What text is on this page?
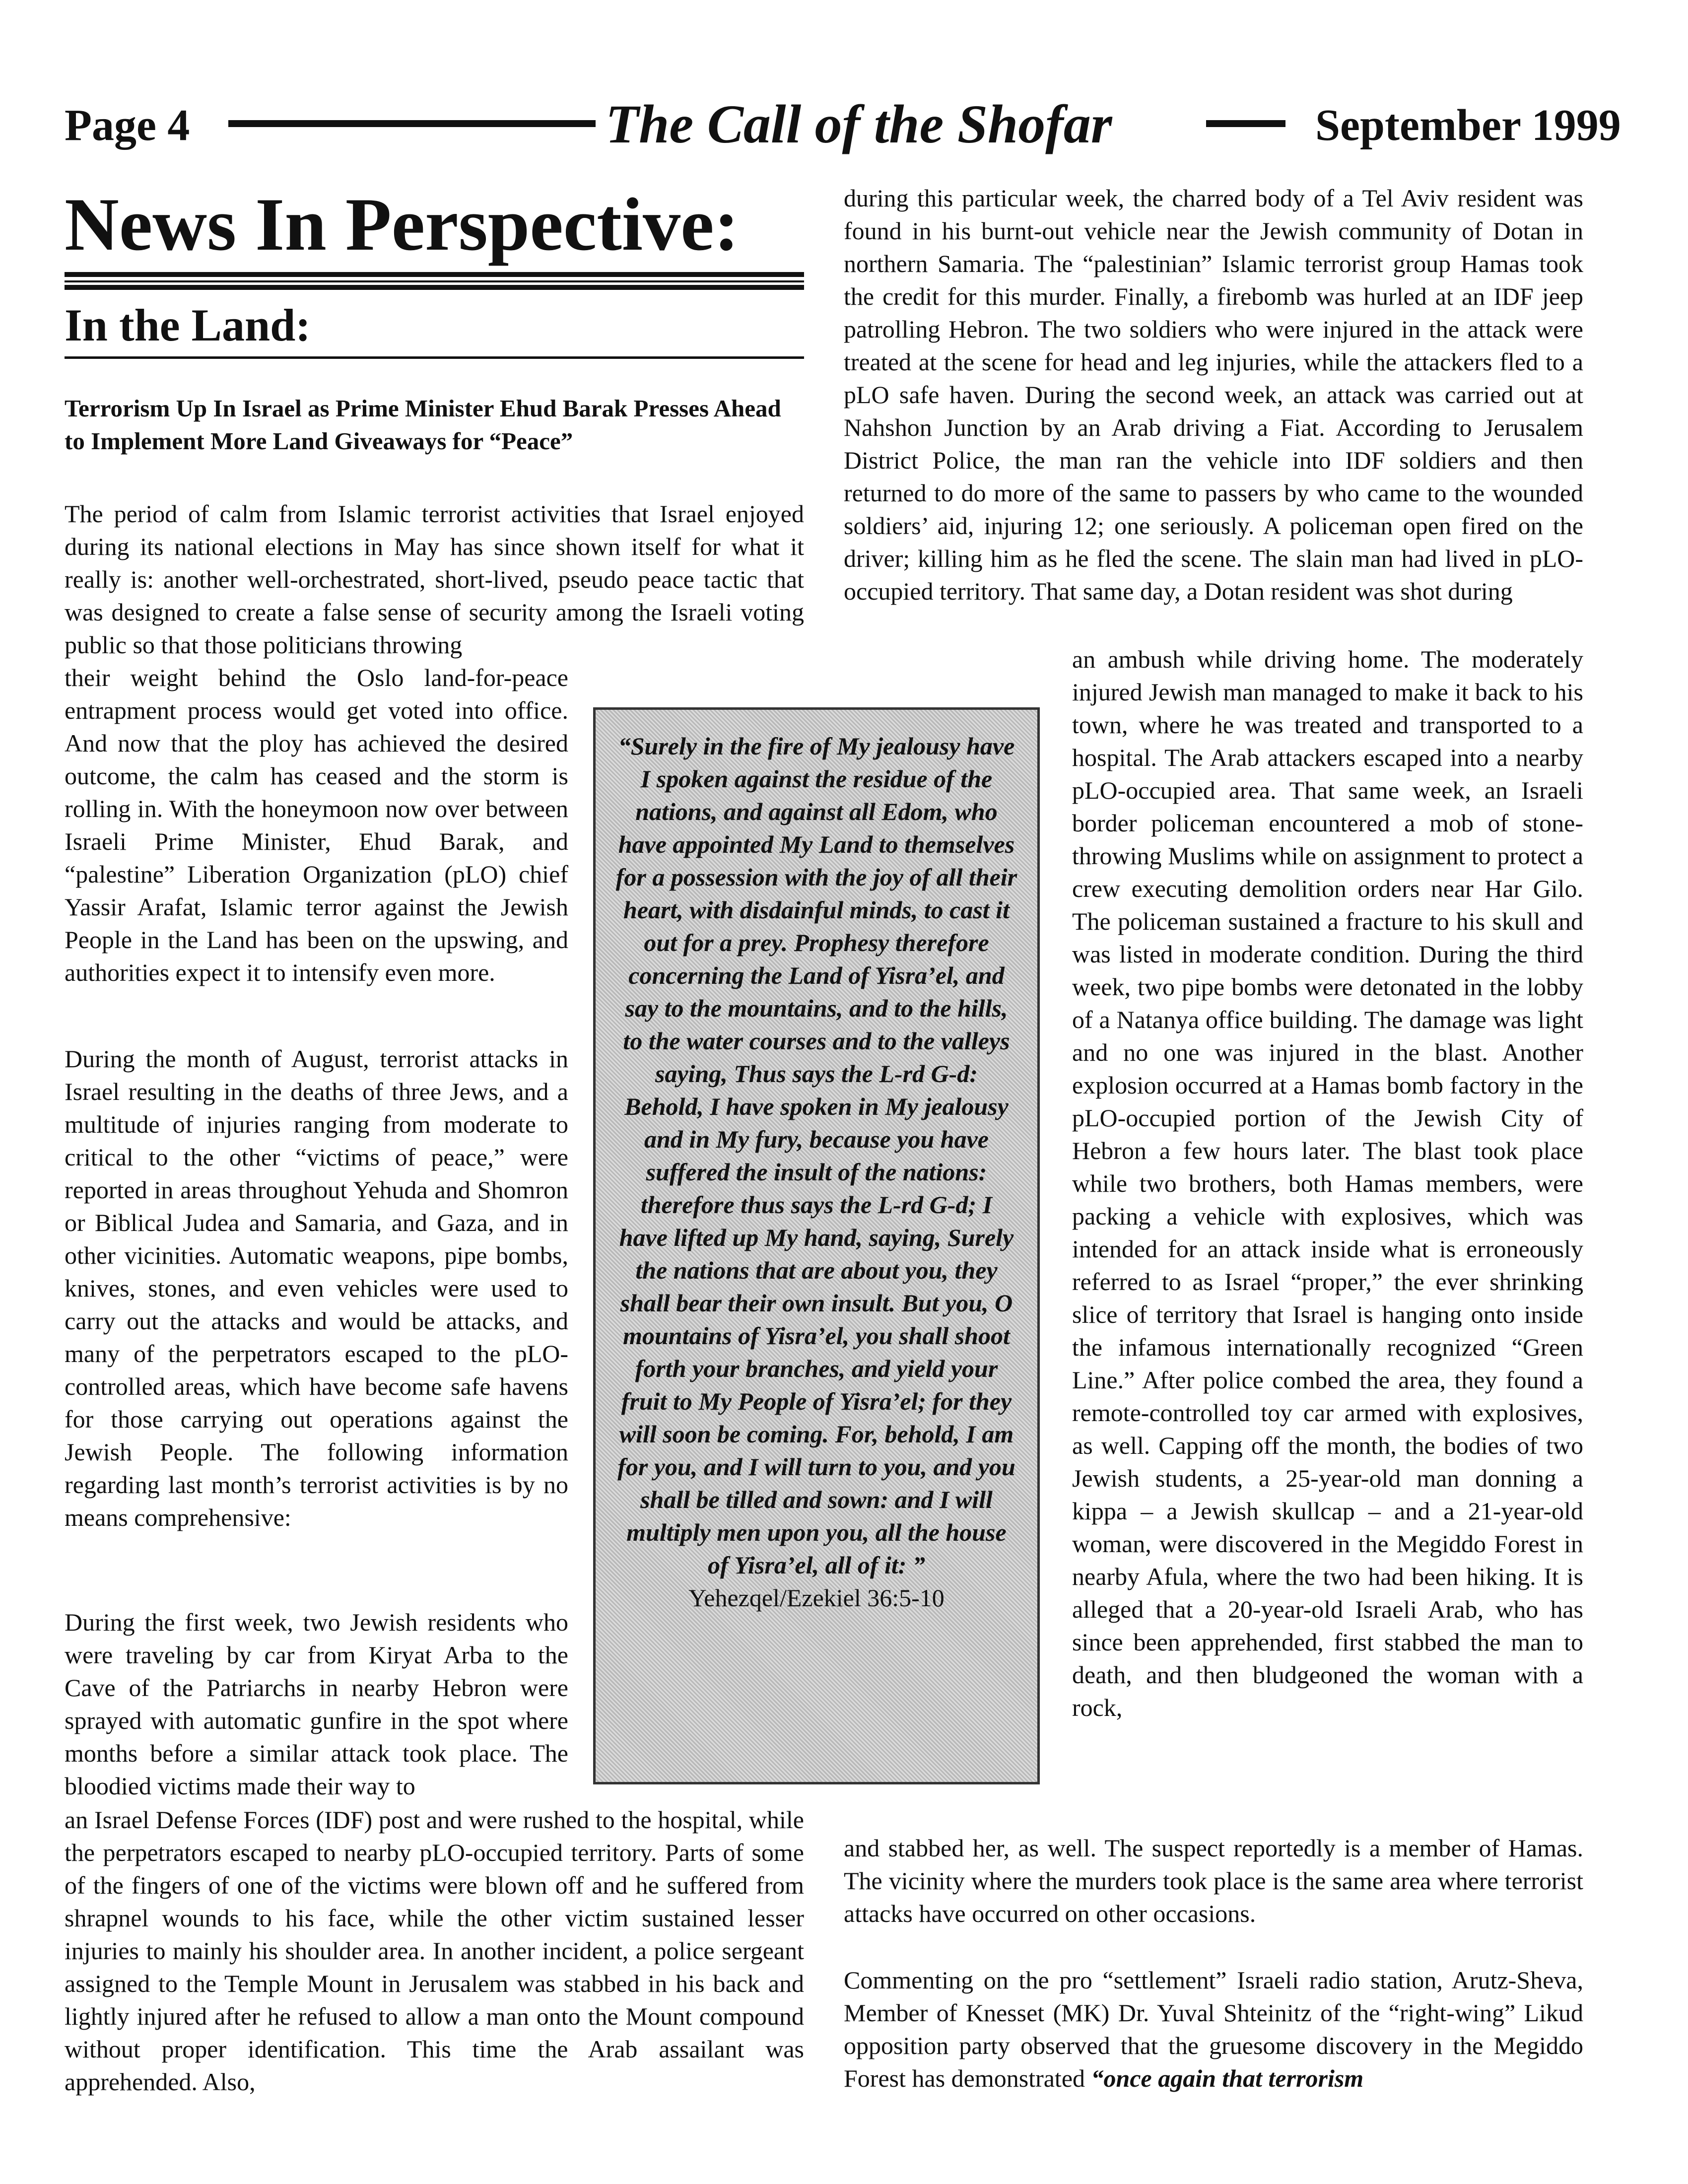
Page 4	The Call of the Shofar	September 1999
News In Perspective:
In the Land:
Terrorism Up In Israel as Prime Minister Ehud Barak Presses Ahead to Implement More Land Giveaways for “Peace”

The period of calm from Islamic terrorist activities that Israel enjoyed during its national elections in May has since shown itself for what it really is: another well-orchestrated, short-lived, pseudo peace tactic that was designed to create a false sense of security among the Israeli voting public so that those politicians throwing

their weight behind the Oslo land-for-peace entrapment process would get voted into office. And now that the ploy has achieved the desired outcome, the calm has ceased and the storm is rolling in. With the honeymoon now over between Israeli Prime Minister, Ehud Barak, and “palestine” Liberation Organization (pLO) chief Yassir Arafat, Islamic terror against the Jewish People in the Land has been on the upswing, and authorities expect it to intensify even more.

During the month of August, terrorist attacks in Israel resulting in the deaths of three Jews, and a multitude of injuries ranging from moderate to critical to the other “victims of peace,” were reported in areas throughout Yehuda and Shomron or Biblical Judea and Samaria, and Gaza, and in other vicinities. Automatic weapons, pipe bombs, knives, stones, and even vehicles were used to carry out the attacks and would be attacks, and many of the perpetrators escaped to the pLO-controlled areas, which have become safe havens for those carrying out operations against the Jewish People. The following information regarding last month’s terrorist activities is by no means comprehensive:

During the first week, two Jewish residents who were traveling by car from Kiryat Arba to the Cave of the Patriarchs in nearby Hebron were sprayed with automatic gunfire in the spot where months before a similar attack took place. The bloodied victims made their way to

an Israel Defense Forces (IDF) post and were rushed to the hospital, while the perpetrators escaped to nearby pLO-occupied territory. Parts of some of the fingers of one of the victims were blown off and he suffered from shrapnel wounds to his face, while the other victim sustained lesser injuries to mainly his shoulder area. In another incident, a police sergeant assigned to the Temple Mount in Jerusalem was stabbed in his back and lightly injured after he refused to allow a man onto the Mount compound without proper identification. This time the Arab assailant was apprehended. Also,

“Surely in the fire of My jealousy have I spoken against the residue of the nations, and against all Edom, who have appointed My Land to themselves for a possession with the joy of all their heart, with disdainful minds, to cast it out for a prey. Prophesy therefore concerning the Land of Yisra’el, and say to the mountains, and to the hills, to the water courses and to the valleys saying, Thus says the L-rd G-d: Behold, I have spoken in My jealousy and in My fury, because you have suffered the insult of the nations: therefore thus says the L-rd G-d; I have lifted up My hand, saying, Surely the nations that are about you, they shall bear their own insult. But you, O mountains of Yisra’el, you shall shoot forth your branches, and yield your fruit to My People of Yisra’el; for they will soon be coming. For, behold, I am for you, and I will turn to you, and you shall be tilled and sown: and I will multiply men upon you, all the house of Yisra’el, all of it: ”

Yehezqel/Ezekiel 36:5-10

during this particular week, the charred body of a Tel Aviv resident was found in his burnt-out vehicle near the Jewish community of Dotan in northern Samaria. The “palestinian” Islamic terrorist group Hamas took the credit for this murder. Finally, a firebomb was hurled at an IDF jeep patrolling Hebron. The two soldiers who were injured in the attack were treated at the scene for head and leg injuries, while the attackers fled to a pLO safe haven. During the second week, an attack was carried out at Nahshon Junction by an Arab driving a Fiat. According to Jerusalem District Police, the man ran the vehicle into IDF soldiers and then returned to do more of the same to passers by who came to the wounded soldiers’ aid, injuring 12; one seriously. A policeman open fired on the driver; killing him as he fled the scene. The slain man had lived in pLO-occupied territory. That same day, a Dotan resident was shot during

an ambush while driving home. The moderately injured Jewish man managed to make it back to his town, where he was treated and transported to a hospital. The Arab attackers escaped into a nearby pLO-occupied area. That same week, an Israeli border policeman encountered a mob of stone-throwing Muslims while on assignment to protect a crew executing demolition orders near Har Gilo. The policeman sustained a fracture to his skull and was listed in moderate condition. During the third week, two pipe bombs were detonated in the lobby of a Natanya office building. The damage was light and no one was injured in the blast. Another explosion occurred at a Hamas bomb factory in the pLO-occupied portion of the Jewish City of Hebron a few hours later. The blast took place while two brothers, both Hamas members, were packing a vehicle with explosives, which was intended for an attack inside what is erroneously referred to as Israel “proper,” the ever shrinking slice of territory that Israel is hanging onto inside the infamous internationally recognized “Green Line.” After police combed the area, they found a remote-controlled toy car armed with explosives, as well. Capping off the month, the bodies of two Jewish students, a 25-year-old man donning a kippa – a Jewish skullcap – and a 21-year-old woman, were discovered in the Megiddo Forest in nearby Afula, where the two had been hiking. It is alleged that a 20-year-old Israeli Arab, who has since been apprehended, first stabbed the man to death, and then bludgeoned the woman with a rock,

and stabbed her, as well. The suspect reportedly is a member of Hamas. The vicinity where the murders took place is the same area where terrorist attacks have occurred on other occasions.

Commenting on the pro “settlement” Israeli radio station, Arutz-Sheva, Member of Knesset (MK) Dr. Yuval Shteinitz of the “right-wing” Likud opposition party observed that the gruesome discovery in the Megiddo Forest has demonstrated “once again that terrorism
